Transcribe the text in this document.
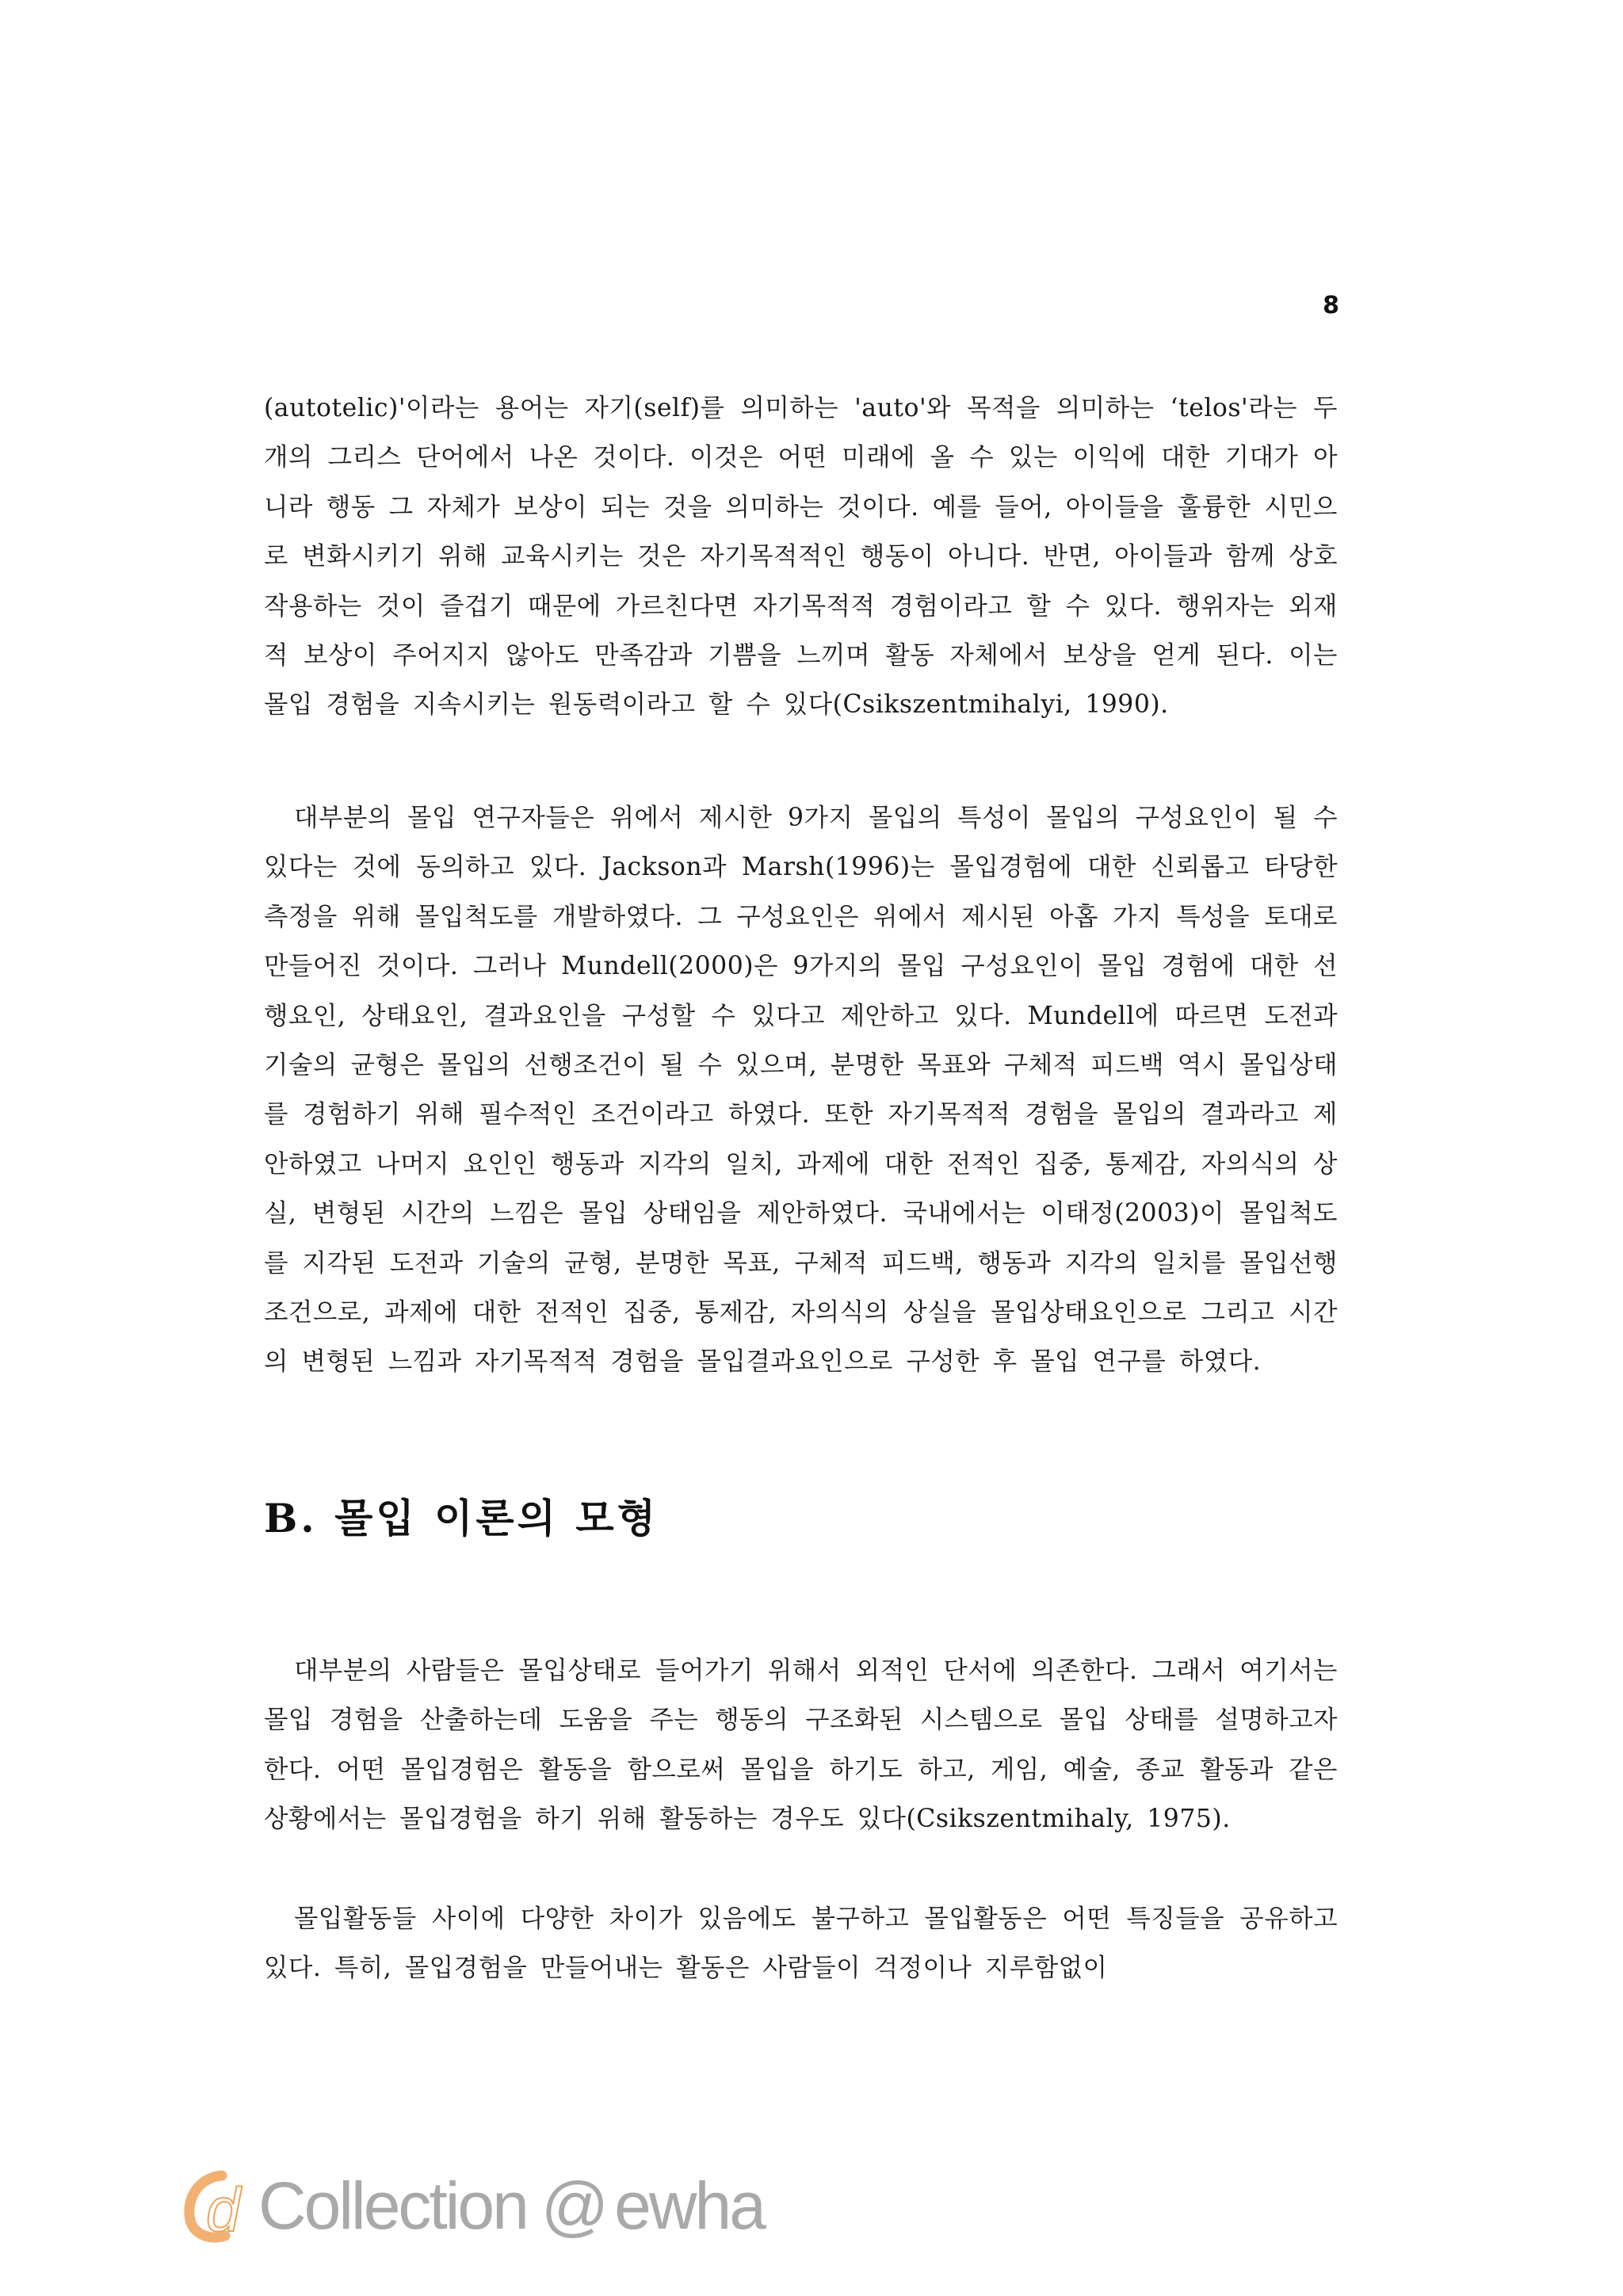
8

(autotelic)'이라는 용어는 자기(self)를 의미하는 'auto'와 목적을 의미하는 ‘telos'라는 두 개의 그리스 단어에서 나온 것이다. 이것은 어떤 미래에 올 수 있는 이익에 대한 기대가 아니라 행동 그 자체가 보상이 되는 것을 의미하는 것이다. 예를 들어, 아이들을 훌륭한 시민으로 변화시키기 위해 교육시키는 것은 자기목적적인 행동이 아니다. 반면, 아이들과 함께 상호작용하는 것이 즐겁기 때문에 가르친다면 자기목적적 경험이라고 할 수 있다. 행위자는 외재적 보상이 주어지지 않아도 만족감과 기쁨을 느끼며 활동 자체에서 보상을 얻게 된다. 이는 몰입 경험을 지속시키는 원동력이라고 할 수 있다(Csikszentmihalyi, 1990).

대부분의 몰입 연구자들은 위에서 제시한 9가지 몰입의 특성이 몰입의 구성요인이 될 수 있다는 것에 동의하고 있다. Jackson과 Marsh(1996)는 몰입경험에 대한 신뢰롭고 타당한 측정을 위해 몰입척도를 개발하였다. 그 구성요인은 위에서 제시된 아홉 가지 특성을 토대로 만들어진 것이다. 그러나 Mundell(2000)은 9가지의 몰입 구성요인이 몰입 경험에 대한 선행요인, 상태요인, 결과요인을 구성할 수 있다고 제안하고 있다. Mundell에 따르면 도전과 기술의 균형은 몰입의 선행조건이 될 수 있으며, 분명한 목표와 구체적 피드백 역시 몰입상태를 경험하기 위해 필수적인 조건이라고 하였다. 또한 자기목적적 경험을 몰입의 결과라고 제안하였고 나머지 요인인 행동과 지각의 일치, 과제에 대한 전적인 집중, 통제감, 자의식의 상실, 변형된 시간의 느낌은 몰입 상태임을 제안하였다. 국내에서는 이태정(2003)이 몰입척도를 지각된 도전과 기술의 균형, 분명한 목표, 구체적 피드백, 행동과 지각의 일치를 몰입선행조건으로, 과제에 대한 전적인 집중, 통제감, 자의식의 상실을 몰입상태요인으로 그리고 시간의 변형된 느낌과 자기목적적 경험을 몰입결과요인으로 구성한 후 몰입 연구를 하였다.

B. 몰입 이론의 모형

대부분의 사람들은 몰입상태로 들어가기 위해서 외적인 단서에 의존한다. 그래서 여기서는 몰입 경험을 산출하는데 도움을 주는 행동의 구조화된 시스템으로 몰입 상태를 설명하고자 한다. 어떤 몰입경험은 활동을 함으로써 몰입을 하기도 하고, 게임, 예술, 종교 활동과 같은 상황에서는 몰입경험을 하기 위해 활동하는 경우도 있다(Csikszentmihaly, 1975).

몰입활동들 사이에 다양한 차이가 있음에도 불구하고 몰입활동은 어떤 특징들을 공유하고 있다. 특히, 몰입경험을 만들어내는 활동은 사람들이 걱정이나 지루함없이

d Collection @ ewha
